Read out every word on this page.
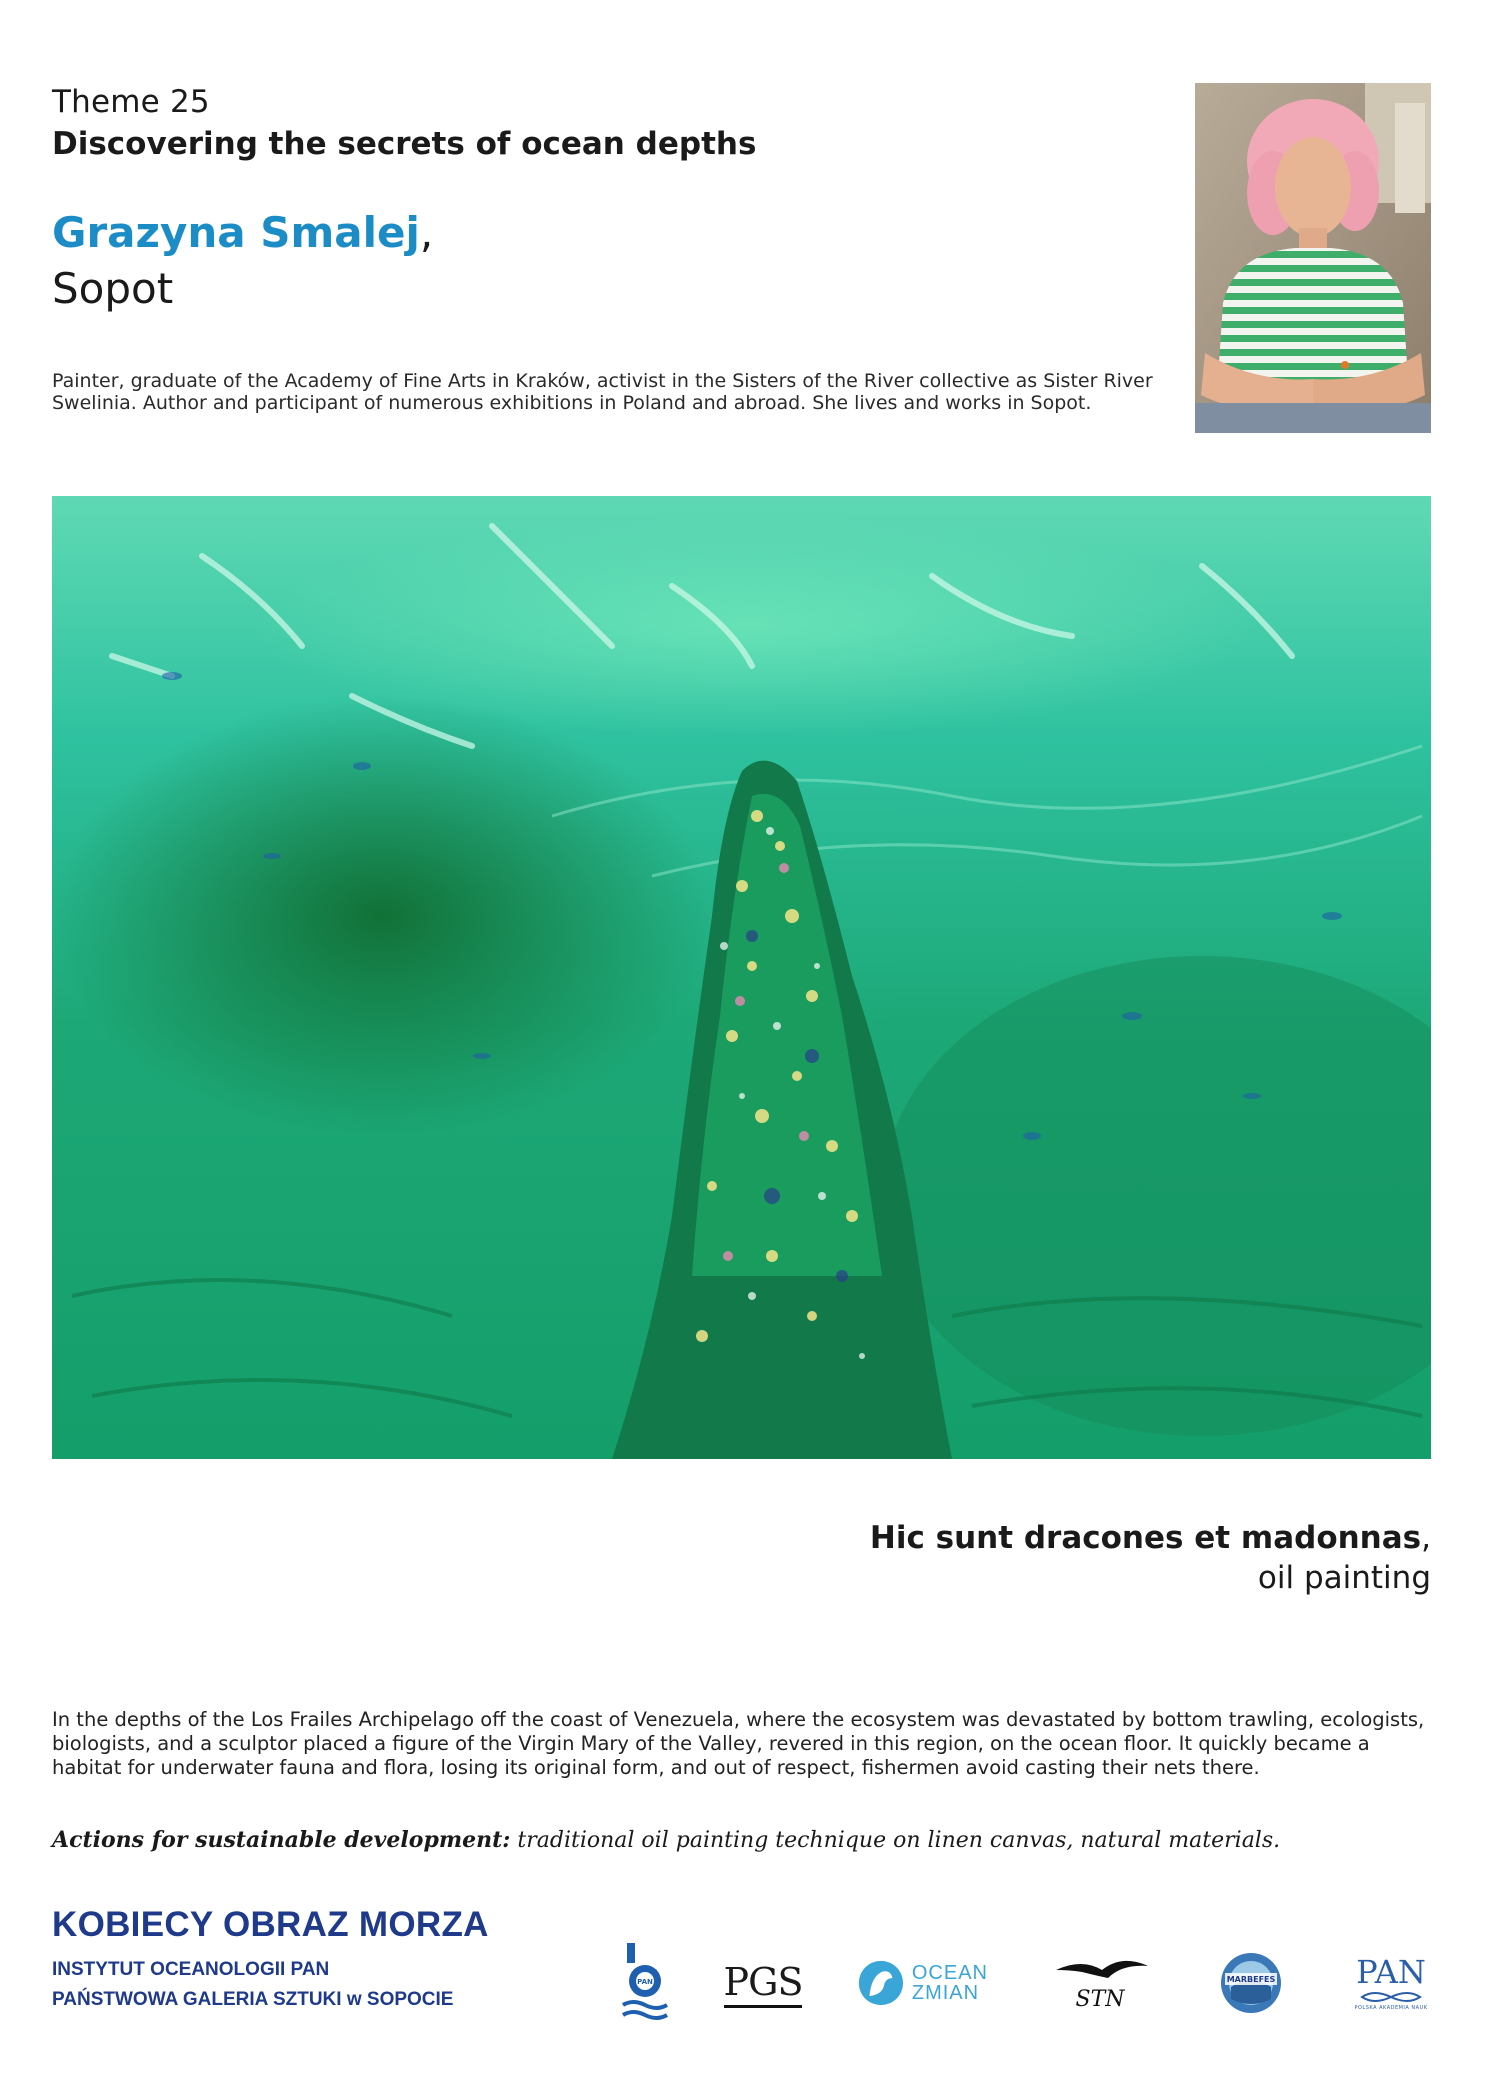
Theme 25
Discovering the secrets of ocean depths
Grazyna Smalej,
Sopot
Painter, graduate of the Academy of Fine Arts in Kraków, activist in the Sisters of the River collective as Sister River Swelinia. Author and participant of numerous exhibitions in Poland and abroad. She lives and works in Sopot.
Hic sunt dracones et madonnas,
oil painting
In the depths of the Los Frailes Archipelago off the coast of Venezuela, where the ecosystem was devastated by bottom trawling, ecologists, biologists, and a sculptor placed a figure of the Virgin Mary of the Valley, revered in this region, on the ocean floor. It quickly became a habitat for underwater fauna and flora, losing its original form, and out of respect, fishermen avoid casting their nets there.
Actions for sustainable development: traditional oil painting technique on linen canvas, natural materials.
KOBIECY OBRAZ MORZA
INSTYTUT OCEANOLOGII PAN
PAŃSTWOWA GALERIA SZTUKI w SOPOCIE
PAN PGS	OCEAN
ZMIAN	STN
MARBEFES	PAN
POLSKA AKADEMIA NAUK
